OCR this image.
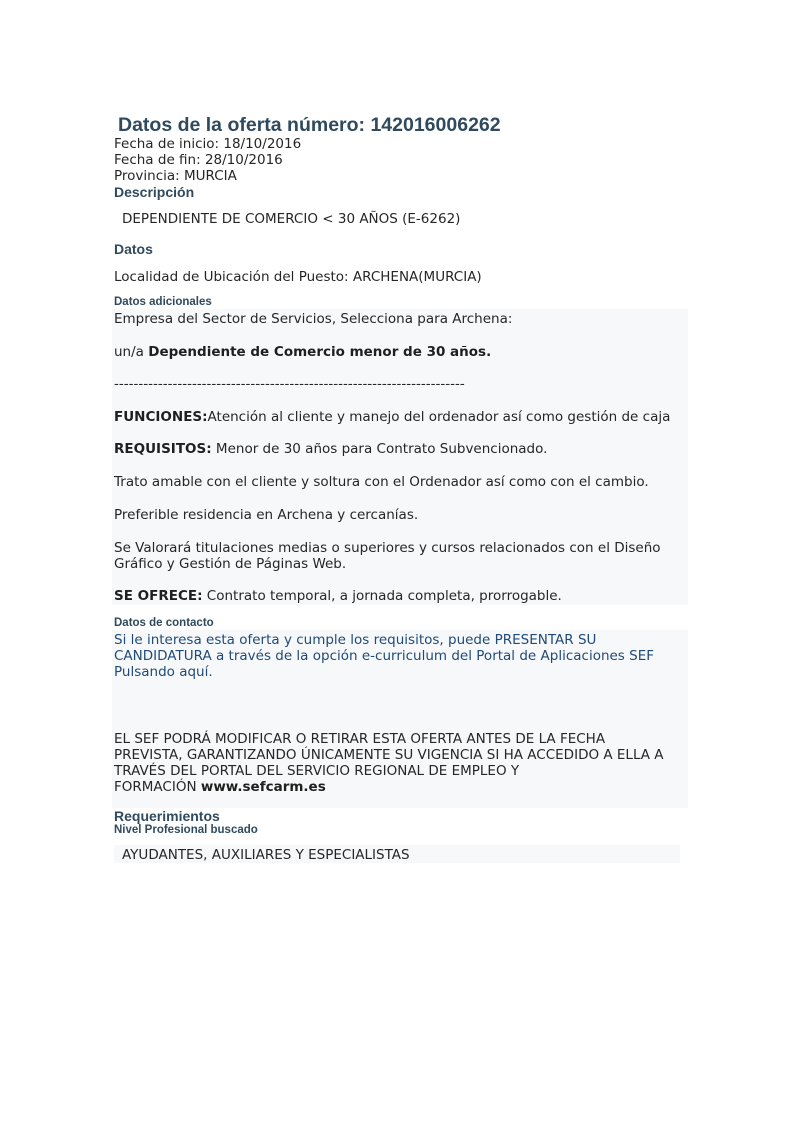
Datos de la oferta número: 142016006262
Fecha de inicio: 18/10/2016
Fecha de fin: 28/10/2016
Provincia: MURCIA
Descripción
DEPENDIENTE DE COMERCIO < 30 AÑOS (E-6262)
Datos
Localidad de Ubicación del Puesto: ARCHENA(MURCIA)
Datos adicionales
Empresa del Sector de Servicios, Selecciona para Archena:
un/a Dependiente de Comercio menor de 30 años.
------------------------------------------------------------------------
FUNCIONES:Atención al cliente y manejo del ordenador así como gestión de caja
REQUISITOS: Menor de 30 años para Contrato Subvencionado.
Trato amable con el cliente y soltura con el Ordenador así como con el cambio.
Preferible residencia en Archena y cercanías.
Se Valorará titulaciones medias o superiores y cursos relacionados con el Diseño
Gráfico y Gestión de Páginas Web.
SE OFRECE: Contrato temporal, a jornada completa, prorrogable.
Datos de contacto
Si le interesa esta oferta y cumple los requisitos, puede PRESENTAR SU
CANDIDATURA a través de la opción e-curriculum del Portal de Aplicaciones SEF
Pulsando aquí.
EL SEF PODRÁ MODIFICAR O RETIRAR ESTA OFERTA ANTES DE LA FECHA
PREVISTA, GARANTIZANDO ÚNICAMENTE SU VIGENCIA SI HA ACCEDIDO A ELLA A
TRAVÉS DEL PORTAL DEL SERVICIO REGIONAL DE EMPLEO Y
FORMACIÓN www.sefcarm.es
Requerimientos
Nivel Profesional buscado
AYUDANTES, AUXILIARES Y ESPECIALISTAS
